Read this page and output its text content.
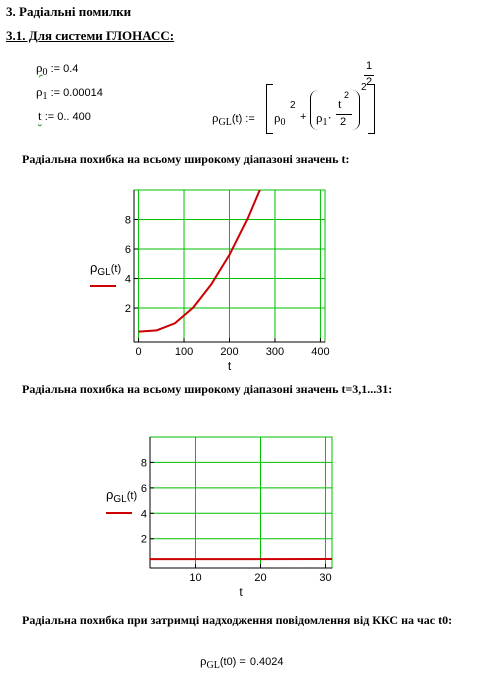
3. Радіальні помилки
3.1. Для системи ГЛОНАСС:
$\rho_0$ := 0.4
$\rho_1$ := 0.00014
t := 0.. 400	$\rho_{GL}(t)$ := $\rho_0$
2
+ $\rho_1\cdot$
t
2
2
2
1
2
Радіальна похибка на всьому широкому діапазоні значень t:
0	100 200 300 400
2
4
6
8
t
$\rho_{GL}^{(t)}$
Радіальна похибка на всьому широкому діапазоні значень t=3,1...31:
10	20	30
2
4
6
8
t
$\rho_{GL}^{(t)}$
Радіальна похибка при затримці надходження повідомлення від ККС на час t0:
$\rho_{GL}(t0) = 0.4024$
